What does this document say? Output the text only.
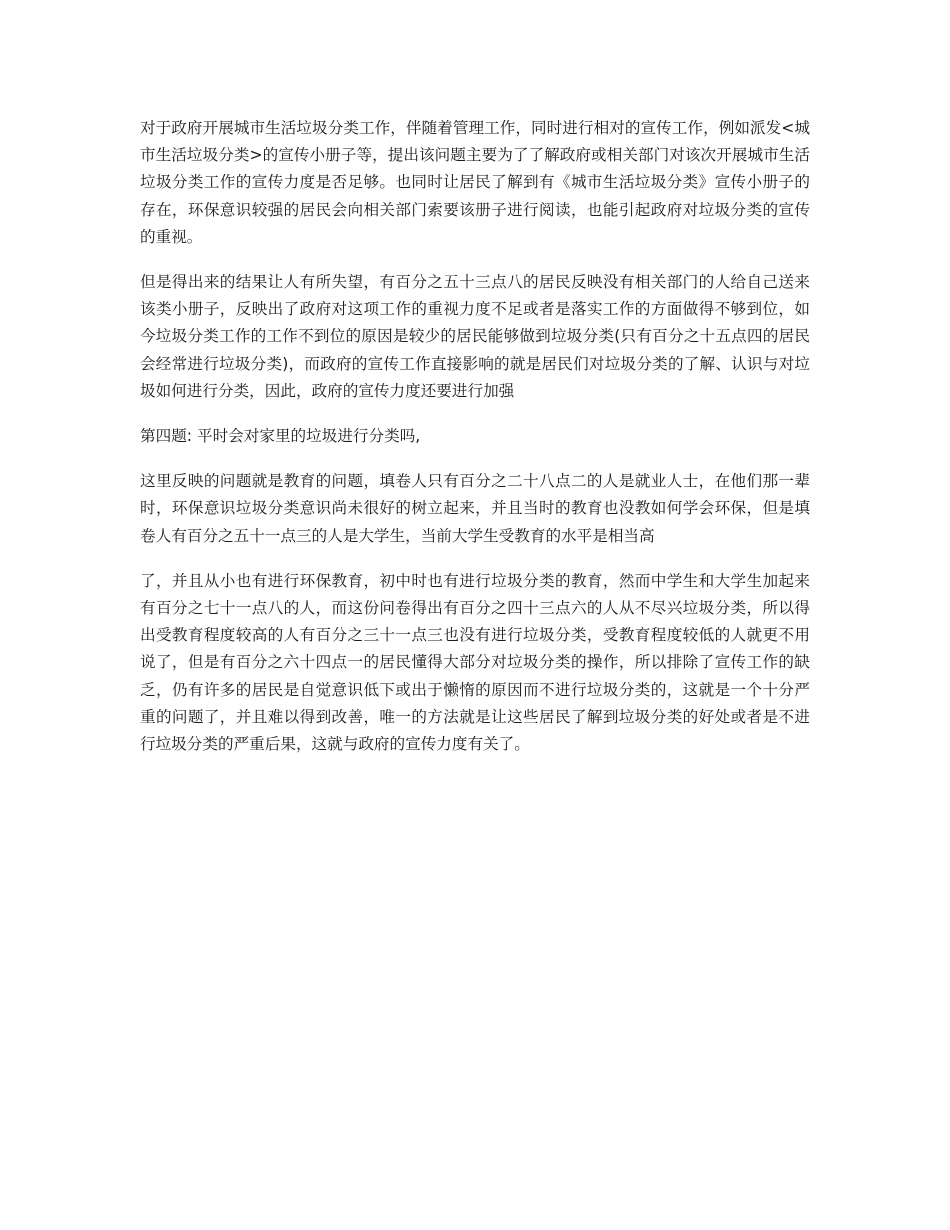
对于政府开展城市生活垃圾分类工作，伴随着管理工作，同时进行相对的宣传工作，例如派发<城市生活垃圾分类>的宣传小册子等，提出该问题主要为了了解政府或相关部门对该次开展城市生活垃圾分类工作的宣传力度是否足够。也同时让居民了解到有《城市生活垃圾分类》宣传小册子的存在，环保意识较强的居民会向相关部门索要该册子进行阅读，也能引起政府对垃圾分类的宣传的重视。

但是得出来的结果让人有所失望，有百分之五十三点八的居民反映没有相关部门的人给自己送来该类小册子，反映出了政府对这项工作的重视力度不足或者是落实工作的方面做得不够到位，如今垃圾分类工作的工作不到位的原因是较少的居民能够做到垃圾分类(只有百分之十五点四的居民会经常进行垃圾分类)，而政府的宣传工作直接影响的就是居民们对垃圾分类的了解、认识与对垃圾如何进行分类，因此，政府的宣传力度还要进行加强

第四题: 平时会对家里的垃圾进行分类吗,

这里反映的问题就是教育的问题，填卷人只有百分之二十八点二的人是就业人士，在他们那一辈时，环保意识垃圾分类意识尚未很好的树立起来，并且当时的教育也没教如何学会环保，但是填卷人有百分之五十一点三的人是大学生，当前大学生受教育的水平是相当高

了，并且从小也有进行环保教育，初中时也有进行垃圾分类的教育，然而中学生和大学生加起来有百分之七十一点八的人，而这份问卷得出有百分之四十三点六的人从不尽兴垃圾分类，所以得出受教育程度较高的人有百分之三十一点三也没有进行垃圾分类，受教育程度较低的人就更不用说了，但是有百分之六十四点一的居民懂得大部分对垃圾分类的操作，所以排除了宣传工作的缺乏，仍有许多的居民是自觉意识低下或出于懒惰的原因而不进行垃圾分类的，这就是一个十分严重的问题了，并且难以得到改善，唯一的方法就是让这些居民了解到垃圾分类的好处或者是不进行垃圾分类的严重后果，这就与政府的宣传力度有关了。
